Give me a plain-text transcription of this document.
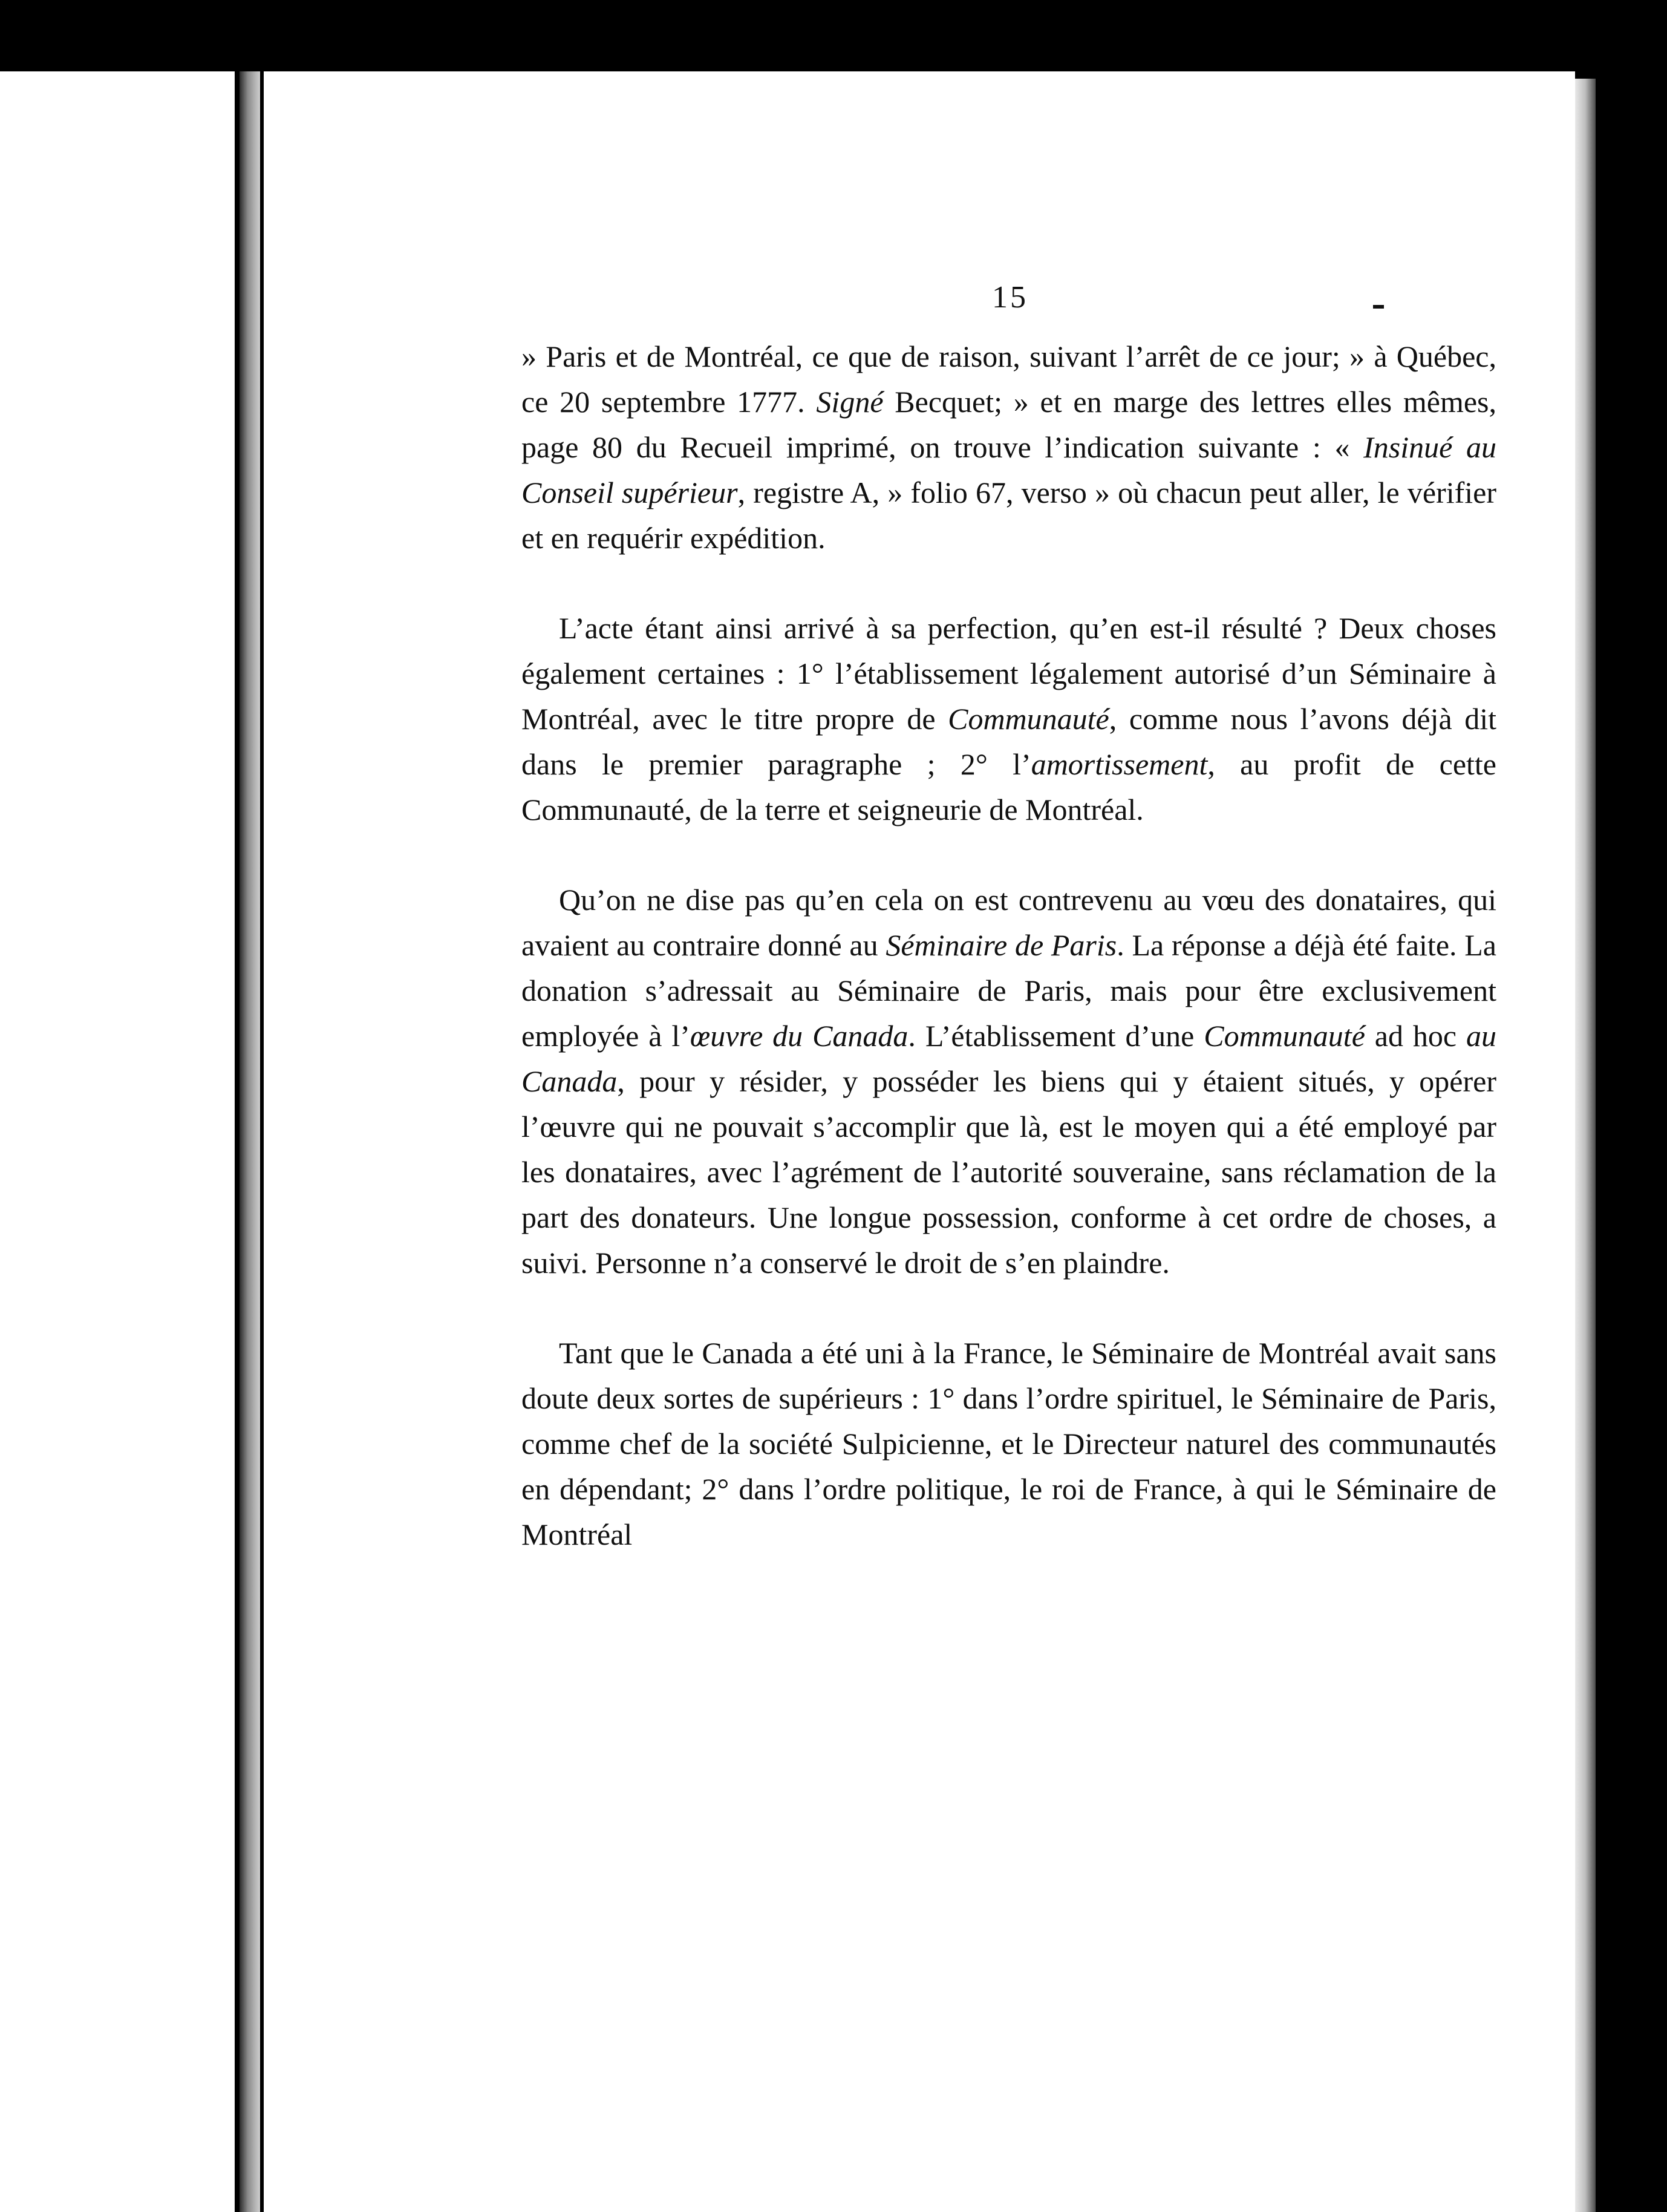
15

» Paris et de Montréal, ce que de raison, suivant l’arrêt de ce jour; » à Québec, ce 20 septembre 1777. Signé Becquet; » et en marge des lettres elles mêmes, page 80 du Recueil imprimé, on trouve l’indication suivante : « Insinué au Conseil supérieur, registre A, » folio 67, verso » où chacun peut aller, le vérifier et en requérir expédition.

L’acte étant ainsi arrivé à sa perfection, qu’en est-il résulté ? Deux choses également certaines : 1° l’établissement légalement autorisé d’un Séminaire à Montréal, avec le titre propre de Communauté, comme nous l’avons déjà dit dans le premier paragraphe ; 2° l’amortissement, au profit de cette Communauté, de la terre et seigneurie de Montréal.

Qu’on ne dise pas qu’en cela on est contrevenu au vœu des donataires, qui avaient au contraire donné au Séminaire de Paris. La réponse a déjà été faite. La donation s’adressait au Séminaire de Paris, mais pour être exclusivement employée à l’œuvre du Canada. L’établissement d’une Communauté ad hoc au Canada, pour y résider, y posséder les biens qui y étaient situés, y opérer l’œuvre qui ne pouvait s’accomplir que là, est le moyen qui a été employé par les donataires, avec l’agrément de l’autorité souveraine, sans réclamation de la part des donateurs. Une longue possession, conforme à cet ordre de choses, a suivi. Personne n’a conservé le droit de s’en plaindre.

Tant que le Canada a été uni à la France, le Séminaire de Montréal avait sans doute deux sortes de supérieurs : 1° dans l’ordre spirituel, le Séminaire de Paris, comme chef de la société Sulpicienne, et le Directeur naturel des communautés en dépendant; 2° dans l’ordre politique, le roi de France, à qui le Séminaire de Montréal
